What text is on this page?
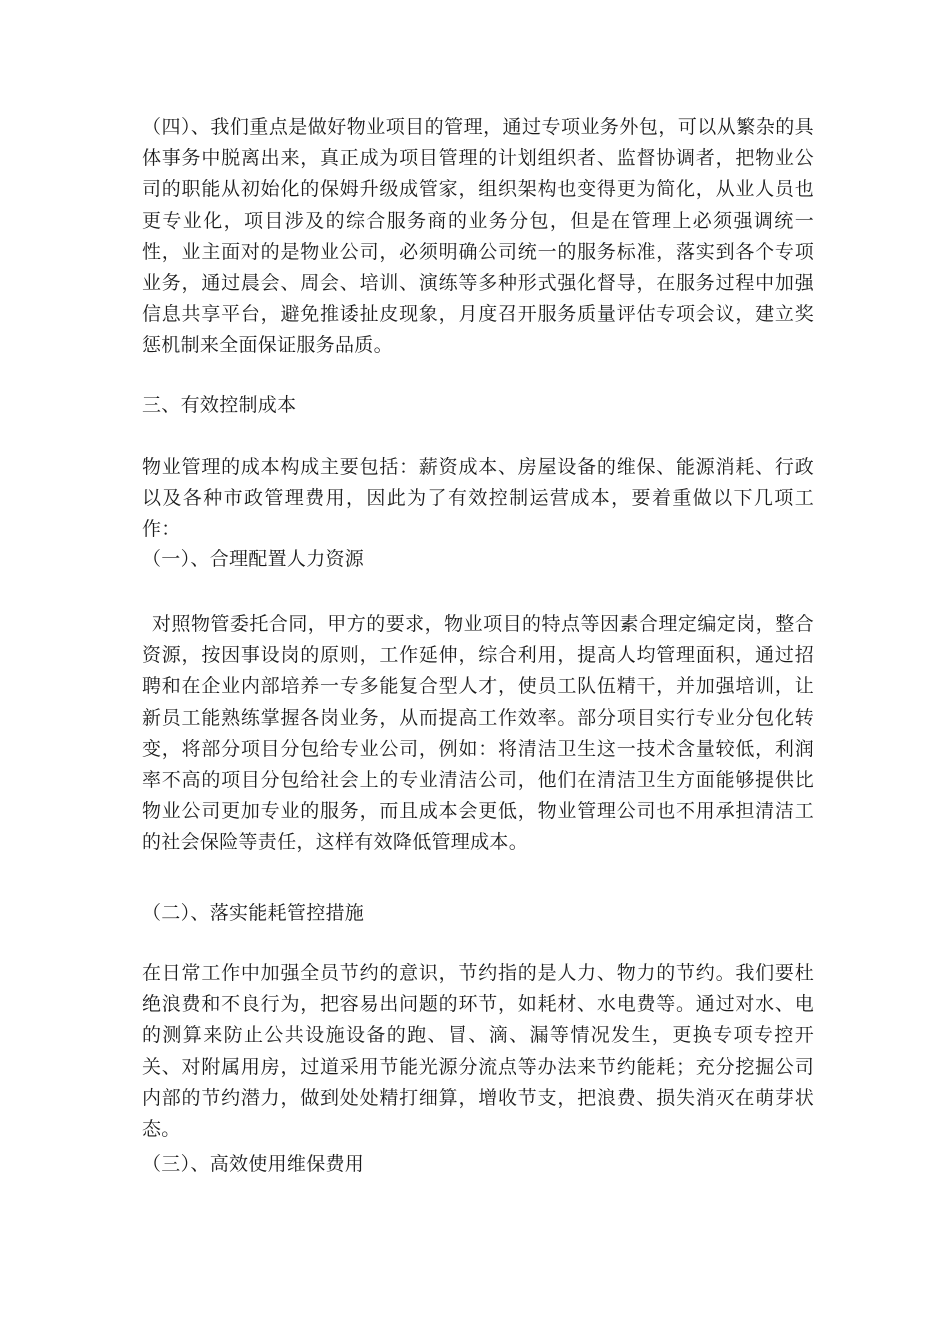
（四）、我们重点是做好物业项目的管理，通过专项业务外包，可以从繁杂的具体事务中脱离出来，真正成为项目管理的计划组织者、监督协调者，把物业公司的职能从初始化的保姆升级成管家，组织架构也变得更为简化，从业人员也更专业化，项目涉及的综合服务商的业务分包，但是在管理上必须强调统一性，业主面对的是物业公司，必须明确公司统一的服务标准，落实到各个专项业务，通过晨会、周会、培训、演练等多种形式强化督导，在服务过程中加强信息共享平台，避免推诿扯皮现象，月度召开服务质量评估专项会议，建立奖惩机制来全面保证服务品质。
三、有效控制成本
物业管理的成本构成主要包括：薪资成本、房屋设备的维保、能源消耗、行政以及各种市政管理费用，因此为了有效控制运营成本，要着重做以下几项工作：
（一）、合理配置人力资源
对照物管委托合同，甲方的要求，物业项目的特点等因素合理定编定岗，整合资源，按因事设岗的原则，工作延伸，综合利用，提高人均管理面积，通过招聘和在企业内部培养一专多能复合型人才，使员工队伍精干，并加强培训，让新员工能熟练掌握各岗业务，从而提高工作效率。部分项目实行专业分包化转变，将部分项目分包给专业公司，例如：将清洁卫生这一技术含量较低，利润率不高的项目分包给社会上的专业清洁公司，他们在清洁卫生方面能够提供比物业公司更加专业的服务，而且成本会更低，物业管理公司也不用承担清洁工的社会保险等责任，这样有效降低管理成本。
（二）、落实能耗管控措施
在日常工作中加强全员节约的意识，节约指的是人力、物力的节约。我们要杜绝浪费和不良行为，把容易出问题的环节，如耗材、水电费等。通过对水、电的测算来防止公共设施设备的跑、冒、滴、漏等情况发生，更换专项专控开关、对附属用房，过道采用节能光源分流点等办法来节约能耗；充分挖掘公司内部的节约潜力，做到处处精打细算，增收节支，把浪费、损失消灭在萌芽状态。
（三）、高效使用维保费用
